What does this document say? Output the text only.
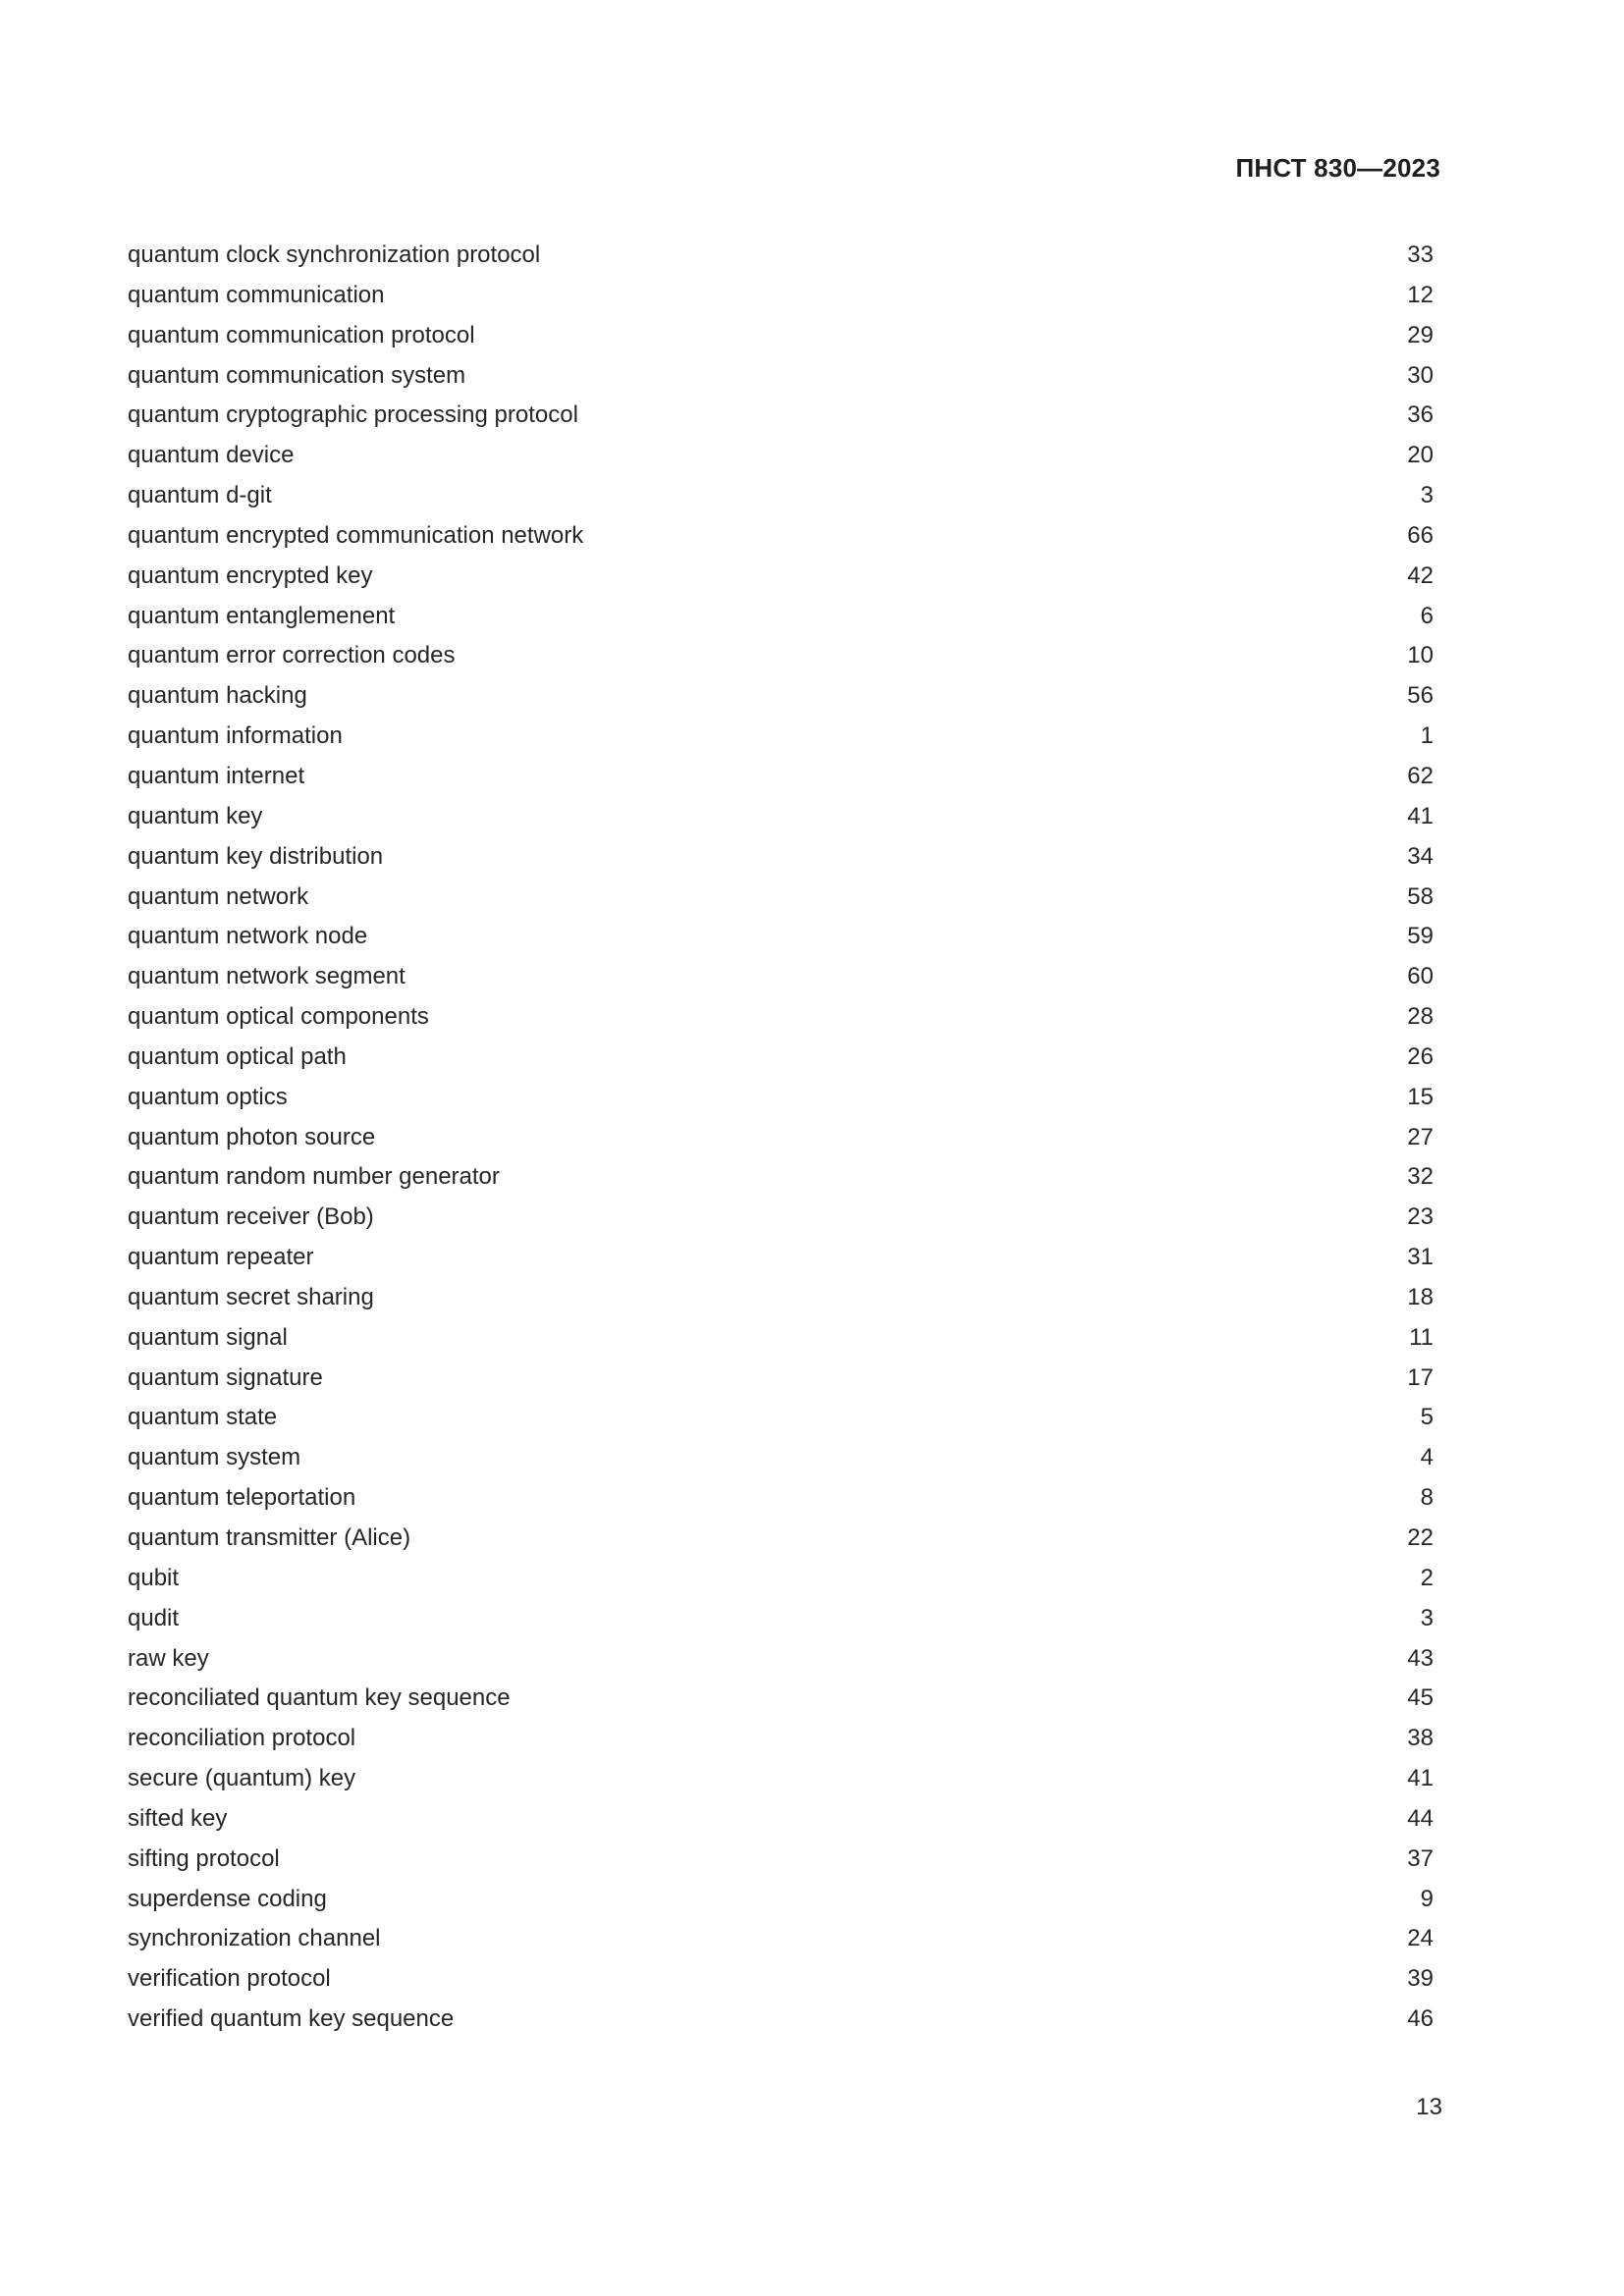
ПНСТ 830—2023
quantum clock synchronization protocol	33
quantum communication	12
quantum communication protocol	29
quantum communication system	30
quantum cryptographic processing protocol	36
quantum device	20
quantum d-git	3
quantum encrypted communication network	66
quantum encrypted key	42
quantum entanglemenent	6
quantum error correction codes	10
quantum hacking	56
quantum information	1
quantum internet	62
quantum key	41
quantum key distribution	34
quantum network	58
quantum network node	59
quantum network segment	60
quantum optical components	28
quantum optical path	26
quantum optics	15
quantum photon source	27
quantum random number generator	32
quantum receiver (Bob)	23
quantum repeater	31
quantum secret sharing	18
quantum signal	11
quantum signature	17
quantum state	5
quantum system	4
quantum teleportation	8
quantum transmitter (Alice)	22
qubit	2
qudit	3
raw key	43
reconciliated quantum key sequence	45
reconciliation protocol	38
secure (quantum) key	41
sifted key	44
sifting protocol	37
superdense coding	9
synchronization channel	24
verification protocol	39
verified quantum key sequence	46
13
